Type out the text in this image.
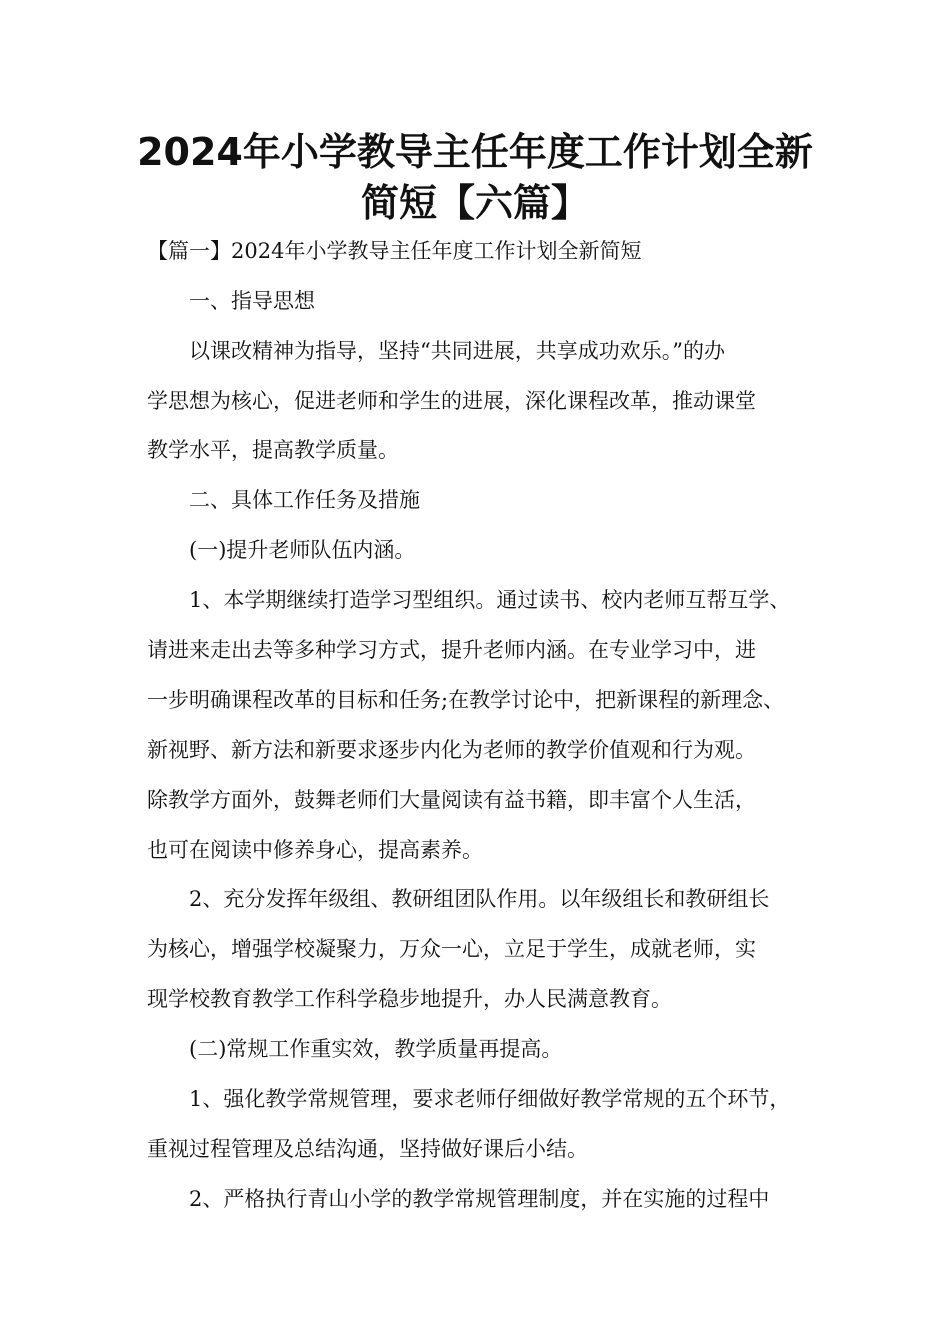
2024年小学教导主任年度工作计划全新
简短【六篇】
【篇一】2024年小学教导主任年度工作计划全新简短
一、指导思想
以课改精神为指导，坚持“共同进展，共享成功欢乐。”的办
学思想为核心，促进老师和学生的进展，深化课程改革，推动课堂
教学水平，提高教学质量。
二、具体工作任务及措施
(一)提升老师队伍内涵。
1、本学期继续打造学习型组织。通过读书、校内老师互帮互学、
请进来走出去等多种学习方式，提升老师内涵。在专业学习中，进
一步明确课程改革的目标和任务;在教学讨论中，把新课程的新理念、
新视野、新方法和新要求逐步内化为老师的教学价值观和行为观。
除教学方面外，鼓舞老师们大量阅读有益书籍，即丰富个人生活，
也可在阅读中修养身心，提高素养。
2、充分发挥年级组、教研组团队作用。以年级组长和教研组长
为核心，增强学校凝聚力，万众一心，立足于学生，成就老师，实
现学校教育教学工作科学稳步地提升，办人民满意教育。
(二)常规工作重实效，教学质量再提高。
1、强化教学常规管理，要求老师仔细做好教学常规的五个环节，
重视过程管理及总结沟通，坚持做好课后小结。
2、严格执行青山小学的教学常规管理制度，并在实施的过程中
